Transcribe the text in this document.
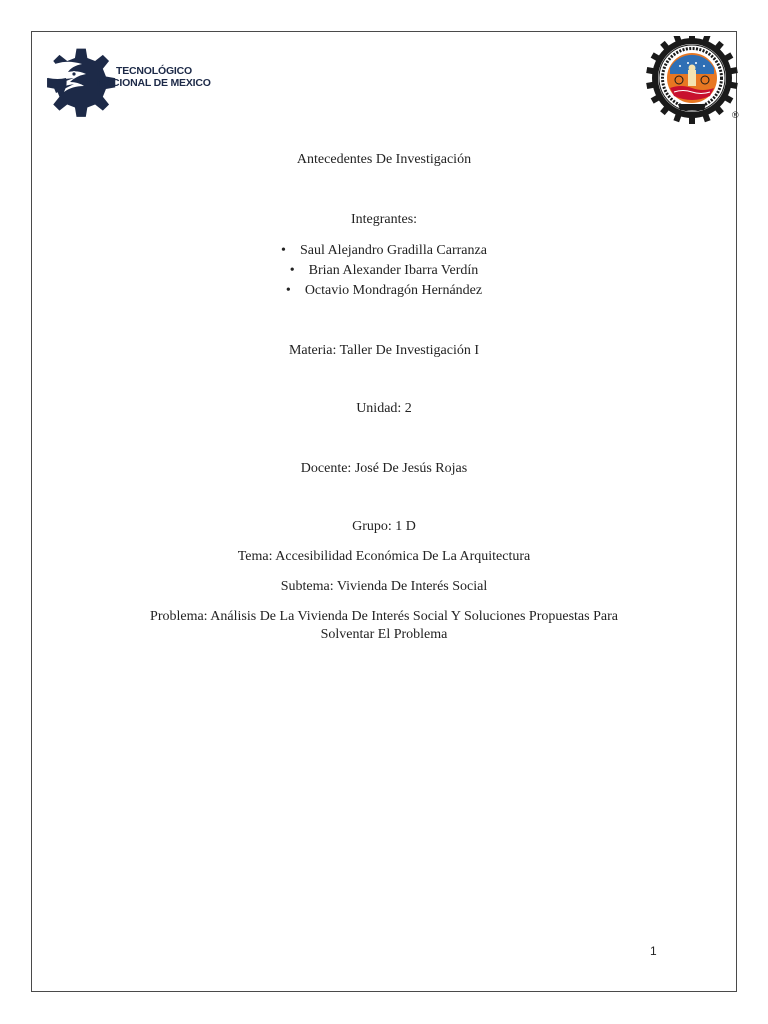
TECNOLÓGICO
NACIONAL DE MEXICO
®
Antecedentes De Investigación
Integrantes:
• Saul Alejandro Gradilla Carranza
• Brian Alexander Ibarra Verdín
• Octavio Mondragón Hernández
Materia: Taller De Investigación I
Unidad: 2
Docente: José De Jesús Rojas
Grupo: 1 D
Tema: Accesibilidad Económica De La Arquitectura
Subtema: Vivienda De Interés Social
Problema: Análisis De La Vivienda De Interés Social Y Soluciones Propuestas Para Solventar El Problema
1
